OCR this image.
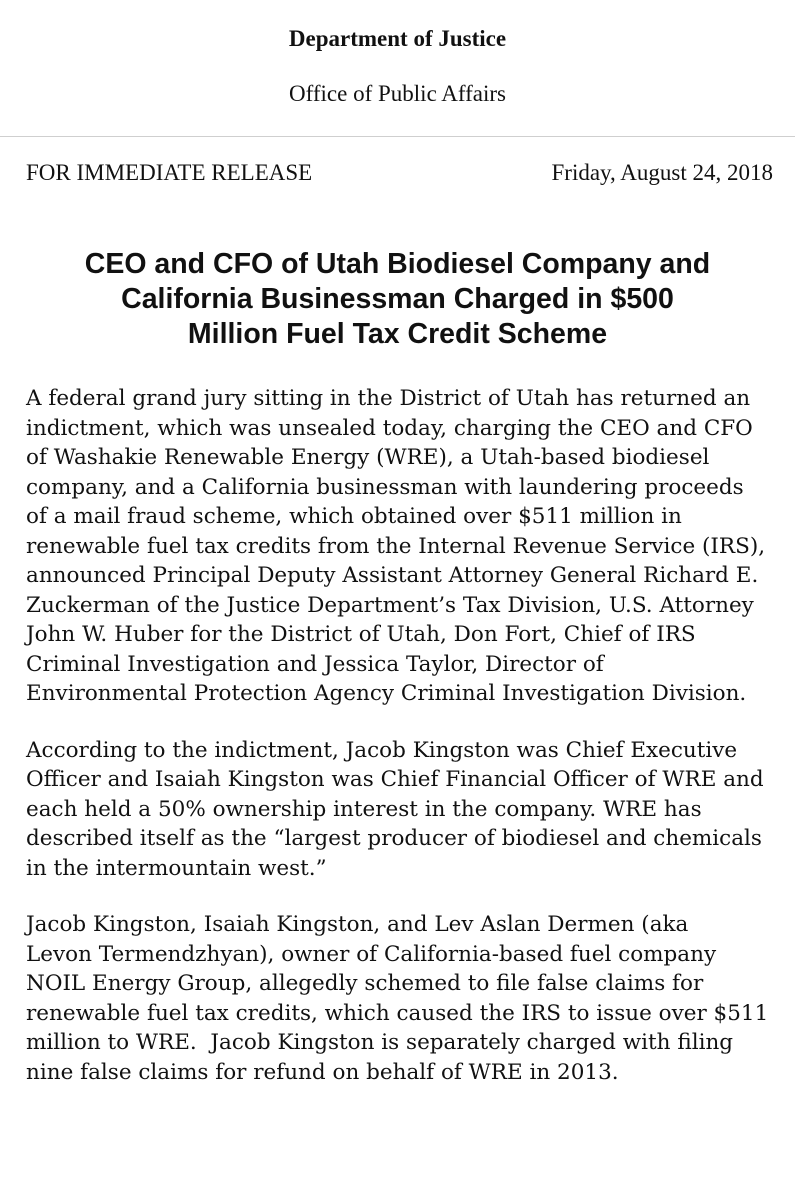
Department of Justice
Office of Public Affairs
FOR IMMEDIATE RELEASE	Friday, August 24, 2018
CEO and CFO of Utah Biodiesel Company and
California Businessman Charged in $500
Million Fuel Tax Credit Scheme
A federal grand jury sitting in the District of Utah has returned an
indictment, which was unsealed today, charging the CEO and CFO
of Washakie Renewable Energy (WRE), a Utah-based biodiesel
company, and a California businessman with laundering proceeds
of a mail fraud scheme, which obtained over $511 million in
renewable fuel tax credits from the Internal Revenue Service (IRS),
announced Principal Deputy Assistant Attorney General Richard E.
Zuckerman of the Justice Department’s Tax Division, U.S. Attorney
John W. Huber for the District of Utah, Don Fort, Chief of IRS
Criminal Investigation and Jessica Taylor, Director of
Environmental Protection Agency Criminal Investigation Division.
According to the indictment, Jacob Kingston was Chief Executive
Officer and Isaiah Kingston was Chief Financial Officer of WRE and
each held a 50% ownership interest in the company. WRE has
described itself as the “largest producer of biodiesel and chemicals
in the intermountain west.”
Jacob Kingston, Isaiah Kingston, and Lev Aslan Dermen (aka
Levon Termendzhyan), owner of California-based fuel company
NOIL Energy Group, allegedly schemed to file false claims for
renewable fuel tax credits, which caused the IRS to issue over $511
million to WRE.  Jacob Kingston is separately charged with filing
nine false claims for refund on behalf of WRE in 2013.
